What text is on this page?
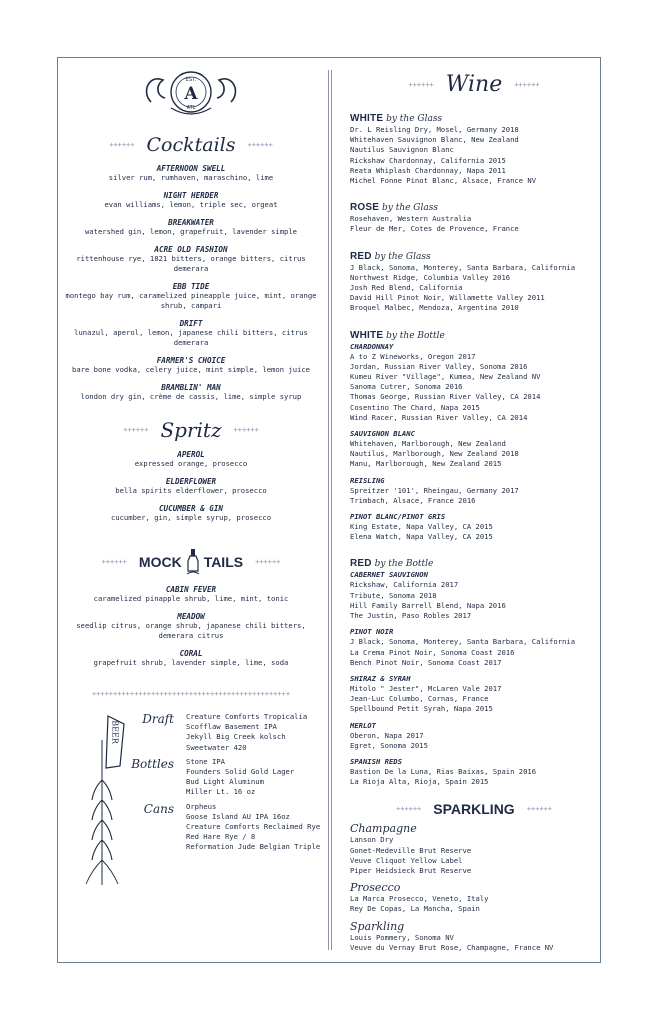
EST.
A
ATL
++++++ Cocktails ++++++
AFTERNOON SWELL
silver rum, rumhaven, maraschino, lime
NIGHT HERDER
evan williams, lemon, triple sec, orgeat
BREAKWATER
watershed gin, lemon, grapefruit, lavender simple
ACRE OLD FASHION
rittenhouse rye, 1821 bitters, orange bitters, citrus demerara
EBB TIDE
montego bay rum, caramelized pineapple juice, mint, orange shrub, campari
DRIFT
lunazul, aperol, lemon, japanese chili bitters, citrus demerara
FARMER'S CHOICE
bare bone vodka, celery juice, mint simple, lemon juice
BRAMBLIN' MAN
london dry gin, crème de cassis, lime, simple syrup
++++++ Spritz ++++++
APEROL
expressed orange, prosecco
ELDERFLOWER
bella spirits elderflower, prosecco
CUCUMBER & GIN
cucumber, gin, simple syrup, prosecco
++++++ MOCK TAILS ++++++
CABIN FEVER
caramelized pinapple shrub, lime, mint, tonic
MEADOW
seedlip citrus, orange shrub, japanese chili bitters, demerara citrus
CORAL
grapefruit shrub, lavender simple, lime, soda
+++++++++++++++++++++++++++++++++++++++++++++++
BEER
Draft	Creature Comforts Tropicalia
Scofflaw Basement IPA
Jekyll Big Creek kolsch
Sweetwater 420
Bottles	Stone IPA
Founders Solid Gold Lager
Bud Light Aluminum
Miller Lt. 16 oz
Cans	Orpheus
Goose Island AU IPA 16oz
Creature Comforts Reclaimed Rye
Red Hare Rye / 8
Reformation Jude Belgian Triple
++++++ Wine ++++++
WHITE by the Glass
Dr. L Reisling Dry, Mosel, Germany 2018
Whitehaven Sauvignon Blanc, New Zealand
Nautilus Sauvignon Blanc
Rickshaw Chardonnay, California 2015
Reata Whiplash Chardonnay, Napa 2011
Michel Fonne Pinot Blanc, Alsace, France NV
ROSE by the Glass
Rosehaven, Western Australia
Fleur de Mer, Cotes de Provence, France
RED by the Glass
J Black, Sonoma, Monterey, Santa Barbara, California
Northwest Ridge, Columbia Valley 2016
Josh Red Blend, California
David Hill Pinot Noir, Willamette Valley 2011
Broquel Malbec, Mendoza, Argentina 2010
WHITE by the Bottle
CHARDONNAY
A to Z Wineworks, Oregon 2017
Jordan, Russian River Valley, Sonoma 2016
Kumeu River "Village", Kumea, New Zealand NV
Sanoma Cutrer, Sonoma 2016
Thomas George, Russian River Valley, CA 2014
Cosentino The Chard, Napa 2015
Wind Racer, Russian River Valley, CA 2014
SAUVIGNON BLANC
Whitehaven, Marlborough, New Zealand
Nautilus, Marlborough, New Zealand 2018
Manu, Marlborough, New Zealand 2015
REISLING
Spreitzer '101', Rheingau, Germany 2017
Trimbach, Alsace, France 2016
PINOT BLANC/PINOT GRIS
King Estate, Napa Valley, CA 2015
Elena Watch, Napa Valley, CA 2015
RED by the Bottle
CABERNET SAUVIGNON
Rickshaw, California 2017
Tribute, Sonoma 2018
Hill Family Barrell Blend, Napa 2016
The Justin, Paso Robles 2017
PINOT NOIR
J Black, Sonoma, Monterey, Santa Barbara, California
La Crema Pinot Noir, Sonoma Coast 2016
Bench Pinot Noir, Sonoma Coast 2017
SHIRAZ & SYRAH
Mitolo " Jester", McLaren Vale 2017
Jean-Luc Columbo, Cornas, France
Spellbound Petit Syrah, Napa 2015
MERLOT
Oberon, Napa 2017
Egret, Sonoma 2015
SPANISH REDS
Bastion De la Luna, Rias Baixas, Spain 2016
La Rioja Alta, Rioja, Spain 2015
++++++ SPARKLING ++++++
Champagne
Lanson Dry
Gonet-Medeville Brut Reserve
Veuve Cliquot Yellow Label
Piper Heidsieck Brut Reserve
Prosecco
La Marca Prosecco, Veneto, Italy
Rey De Copas, La Mancha, Spain
Sparkling
Louis Pommery, Sonoma NV
Veuve du Vernay Brut Rose, Champagne, France NV
